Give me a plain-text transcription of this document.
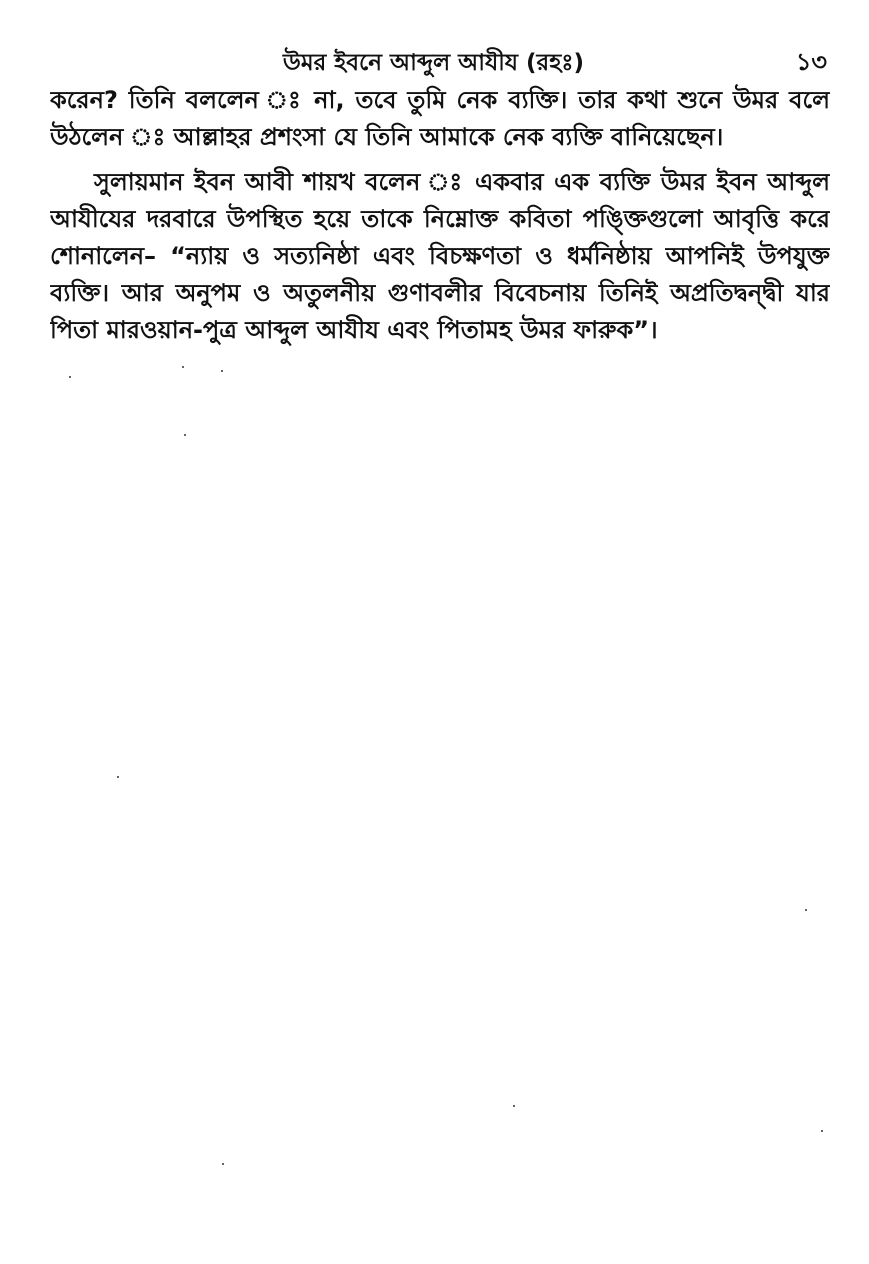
উমর ইবনে আব্দুল আযীয (রহঃ)	১৩
করেন? তিনি বললেন ঃ না, তবে তুমি নেক ব্যক্তি। তার কথা শুনে উমর বলে
উঠলেন ঃ আল্লাহর প্রশংসা যে তিনি আমাকে নেক ব্যক্তি বানিয়েছেন।
সুলায়মান ইবন আবী শায়খ বলেন ঃ একবার এক ব্যক্তি উমর ইবন আব্দুল
আযীযের দরবারে উপস্থিত হয়ে তাকে নিম্নোক্ত কবিতা পঙ্ক্তিগুলো আবৃত্তি করে
শোনালেন– “ন্যায় ও সত্যনিষ্ঠা এবং বিচক্ষণতা ও ধর্মনিষ্ঠায় আপনিই উপযুক্ত
ব্যক্তি। আর অনুপম ও অতুলনীয় গুণাবলীর বিবেচনায় তিনিই অপ্রতিদ্বন্দ্বী যার
পিতা মারওয়ান-পুত্র আব্দুল আযীয এবং পিতামহ উমর ফারুক”।
